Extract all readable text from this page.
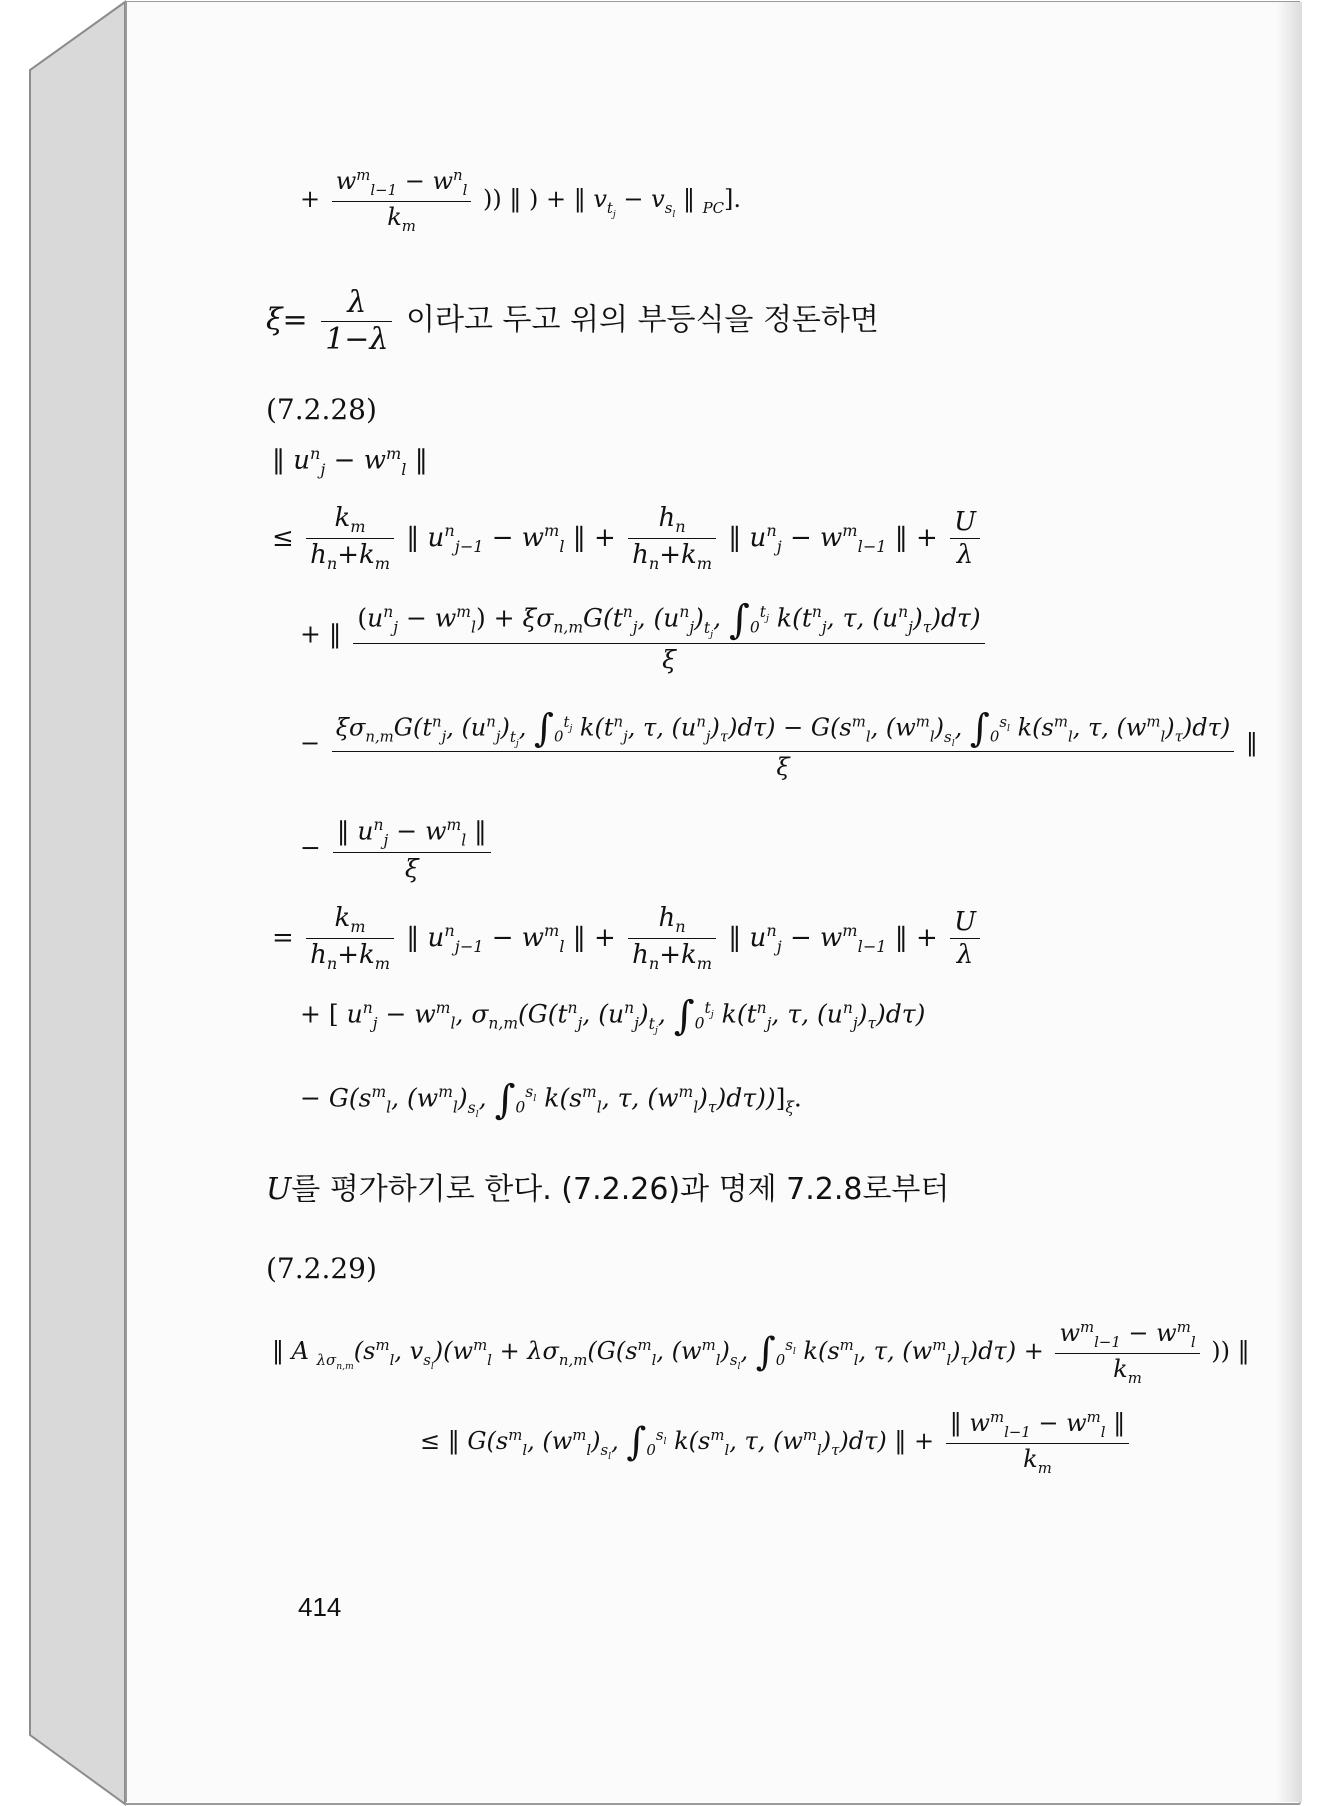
+ $\frac{w^m_{l-1} - w^n_l}{k_m}$ )) ‖ ) + ‖ $v_{t_j} - v_{s_l}$ ‖ $_{PC}$].
$\xi= \frac{\lambda}{1-\lambda}$ 이라고 두고 위의 부등식을 정돈하면
(7.2.28)
‖ $u^n_j - w^m_l$ ‖
≤ $\frac{k_m}{h_n+k_m}$ ‖ $u^n_{j-1} - w^m_l$ ‖ + $\frac{h_n}{h_n+k_m}$ ‖ $u^n_j - w^m_{l-1}$ ‖ + $\frac{U}{\lambda}$
+ ‖ $\frac{(u^n_j - w^m_l) + \xi\sigma_{n,m}G(t^n_j, (u^n_j)_{t_j}, \int_0^{t_j} k(t^n_j, \tau, (u^n_j)_\tau)d\tau)}{\xi}$
−
$\xi\sigma_{n,m}G(t^n_j$, $(u^n_j)_{t_j}$, $\int_0^{t_j}$ $k(t^n_j$, τ, $(u^n_j)_\tau)d\tau) - G(s^m_l$, $(w^m_l)_{s_l}$, $\int_0^{s_l}$ $k(s^m_l$, τ, $(w^m_l)_\tau)d\tau$)
ξ
‖
− $\frac{‖ u^n_j - w^m_l ‖}{\xi}$
= $\frac{k_m}{h_n+k_m}$ ‖ $u^n_{j-1} - w^m_l$ ‖ + $\frac{h_n}{h_n+k_m}$ ‖ $u^n_j - w^m_{l-1}$ ‖ + $\frac{U}{\lambda}$
+ [ $u^n_j - w^m_l$, $\sigma_{n,m}(G(t^n_j$, $(u^n_j)_{t_j}$, $\int_0^{t_j}$ $k(t^n_j$, τ, $(u^n_j)_\tau)d\tau$)
− $G(s^m_l$, $(w^m_l)_{s_l}$, $\int_0^{s_l}$ $k(s^m_l$, τ, $(w^m_l)_\tau)d\tau))]_\xi$.
U를 평가하기로 한다. (7.2.26)과 명제 7.2.8로부터
(7.2.29)
‖ A $_{\lambda\sigma_{n,m}}(s^m_l$, $v_{s_l})(w^m_l + \lambda\sigma_{n,m}(G(s^m_l$, $(w^m_l)_{s_l}$, $\int_0^{s_l}$ $k(s^m_l$, τ, $(w^m_l)_\tau)d\tau) + \frac{w^m_{l-1} - w^m_l}{k_m}$ )) ‖
≤ ‖ $G(s^m_l$, $(w^m_l)_{s_l}$, $\int_0^{s_l}$ $k(s^m_l$, τ, $(w^m_l)_\tau)d\tau$) ‖ + $\frac{‖ w^m_{l-1} - w^m_l ‖}{k_m}$
414
